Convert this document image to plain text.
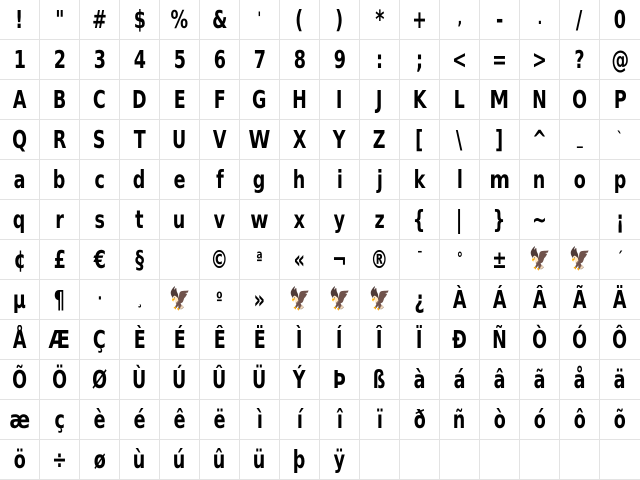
! " # $ % & ' ( ) * + , - . / 0
1 2 3 4 5 6 7 8 9 : ; < = > ? @
A B C D E F G H I J K L M N O P
Q R S T U V W X Y Z [ \ ] ^ _ `
a b c d e f g h i j k l m n o p
q r s t u v w x y z { | } ~	¡
¢ £ € §	© ª « ¬ ® ¯ ° ± 🦅 🦅 ´
µ ¶ · ¸ 🦅 º » 🦅 🦅 🦅 ¿ À Á Â Ã Ä
Å Æ Ç È É Ê Ë Ì Í Î Ï Ð Ñ Ò Ó Ô
Õ Ö Ø Ù Ú Û Ü Ý Þ ß à á â ã å ä
æ ç è é ê ë ì í î ï ð ñ ò ó ô õ
ö ÷ ø ù ú û ü þ ÿ
